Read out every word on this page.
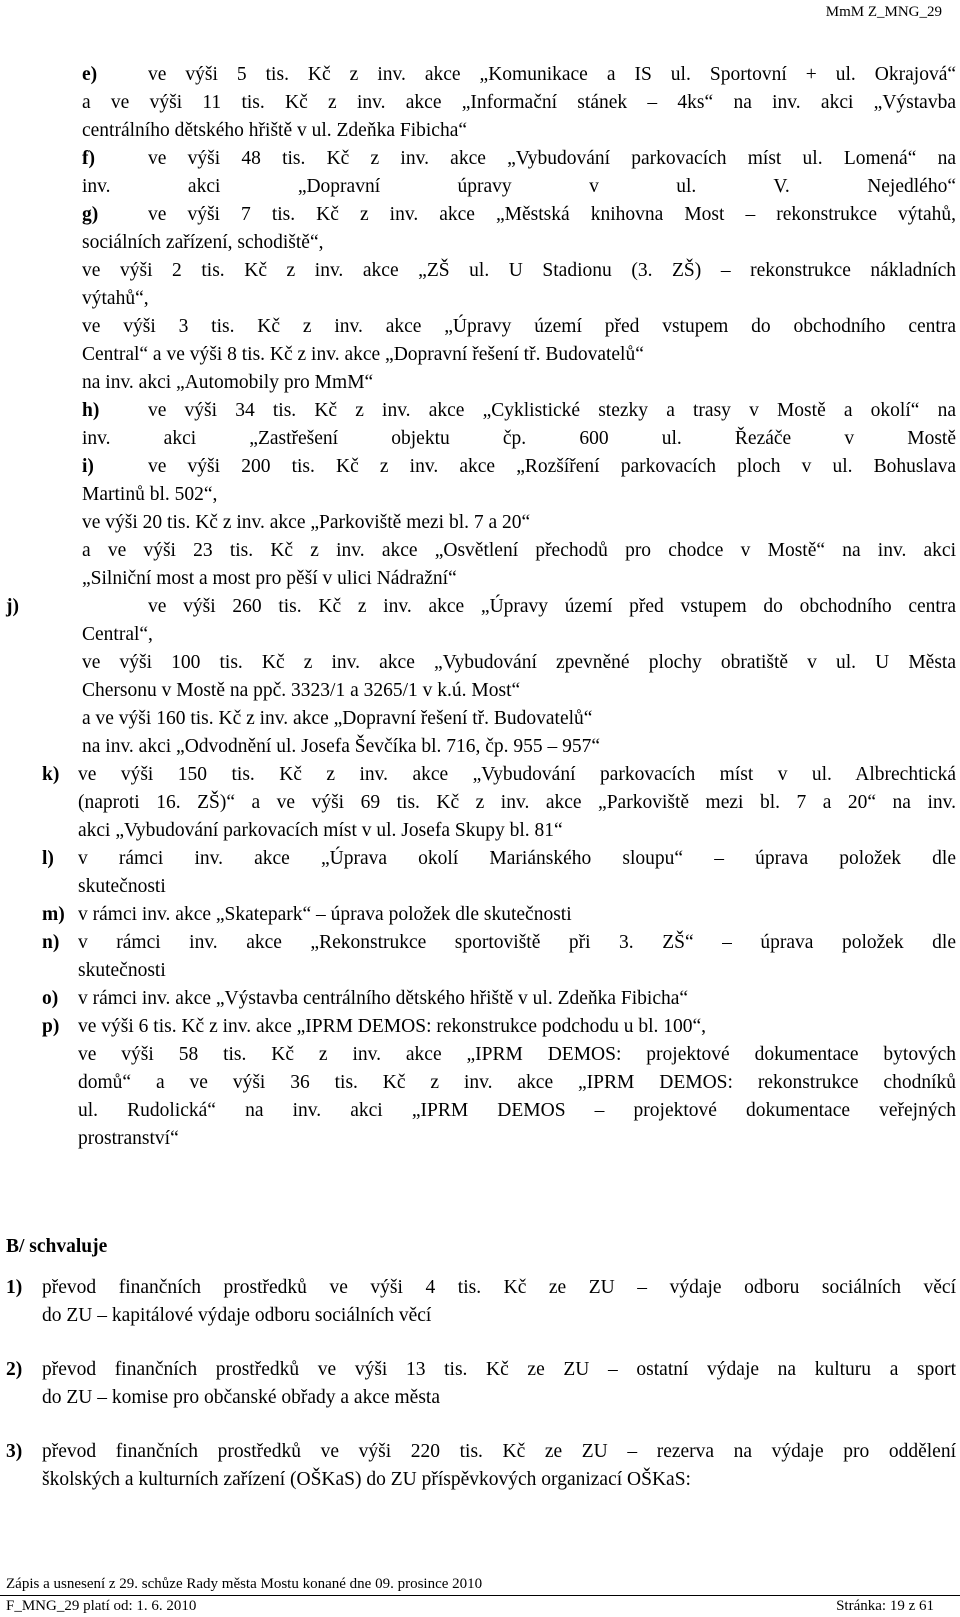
MmM Z_MNG_29
e)	ve výši 5 tis. Kč z inv. akce „Komunikace a IS ul. Sportovní + ul. Okrajová“
a ve výši 11 tis. Kč z inv. akce „Informační stánek – 4ks“ na inv. akci „Výstavba
centrálního dětského hřiště v ul. Zdeňka Fibicha“
f)	ve výši 48 tis. Kč z inv. akce „Vybudování parkovacích míst ul. Lomená“ na
inv. akci „Dopravní úpravy v ul. V. Nejedlého“
g)	ve výši 7 tis. Kč z inv. akce „Městská knihovna Most – rekonstrukce výtahů,
sociálních zařízení, schodiště“,
ve výši 2 tis. Kč z inv. akce „ZŠ ul. U Stadionu (3. ZŠ) – rekonstrukce nákladních
výtahů“,
ve výši 3 tis. Kč z inv. akce „Úpravy území před vstupem do obchodního centra
Central“ a ve výši 8 tis. Kč z inv. akce „Dopravní řešení tř. Budovatelů“
na inv. akci „Automobily pro MmM“
h) ve výši 34 tis. Kč z inv. akce „Cyklistické stezky a trasy v Mostě a okolí“ na
inv. akci „Zastřešení objektu čp. 600 ul. Řezáče v Mostě
i)	ve výši 200 tis. Kč z inv. akce „Rozšíření parkovacích ploch v ul. Bohuslava
Martinů bl. 502“,
ve výši 20 tis. Kč z inv. akce „Parkoviště mezi bl. 7 a 20“
a ve výši 23 tis. Kč z inv. akce „Osvětlení přechodů pro chodce v Mostě“ na inv. akci
„Silniční most a most pro pěší v ulici Nádražní“
j)	ve výši 260 tis. Kč z inv. akce „Úpravy území před vstupem do obchodního centra
Central“,
ve výši 100 tis. Kč z inv. akce „Vybudování zpevněné plochy obratiště v ul. U Města
Chersonu v Mostě na ppč. 3323/1 a 3265/1 v k.ú. Most“
a ve výši 160 tis. Kč z inv. akce „Dopravní řešení tř. Budovatelů“
na inv. akci „Odvodnění ul. Josefa Ševčíka bl. 716, čp. 955 – 957“
k) ve výši 150 tis. Kč z inv. akce „Vybudování parkovacích míst v ul. Albrechtická
(naproti 16. ZŠ)“ a ve výši 69 tis. Kč z inv. akce „Parkoviště mezi bl. 7 a 20“ na inv.
akci „Vybudování parkovacích míst v ul. Josefa Skupy bl. 81“
l) v rámci inv. akce „Úprava okolí Mariánského sloupu“ – úprava položek dle
skutečnosti
m) v rámci inv. akce „Skatepark“ – úprava položek dle skutečnosti
n) v rámci inv. akce „Rekonstrukce sportoviště při 3. ZŠ“ – úprava položek dle
skutečnosti
o) v rámci inv. akce „Výstavba centrálního dětského hřiště v ul. Zdeňka Fibicha“
p) ve výši 6 tis. Kč z inv. akce „IPRM DEMOS: rekonstrukce podchodu u bl. 100“,
ve výši 58 tis. Kč z inv. akce „IPRM DEMOS: projektové dokumentace bytových
domů“ a ve výši 36 tis. Kč z inv. akce „IPRM DEMOS: rekonstrukce chodníků
ul. Rudolická“ na inv. akci „IPRM DEMOS – projektové dokumentace veřejných
prostranství“
B/ schvaluje
1) převod finančních prostředků ve výši 4 tis. Kč ze ZU – výdaje odboru sociálních věcí
do ZU – kapitálové výdaje odboru sociálních věcí
2) převod finančních prostředků ve výši 13 tis. Kč ze ZU – ostatní výdaje na kulturu a sport
do ZU – komise pro občanské obřady a akce města
3) převod finančních prostředků ve výši 220 tis. Kč ze ZU – rezerva na výdaje pro oddělení
školských a kulturních zařízení (OŠKaS) do ZU příspěvkových organizací OŠKaS:
Zápis a usnesení z 29. schůze Rady města Mostu konané dne 09. prosince 2010
F_MNG_29 platí od: 1. 6. 2010	Stránka: 19 z 61
